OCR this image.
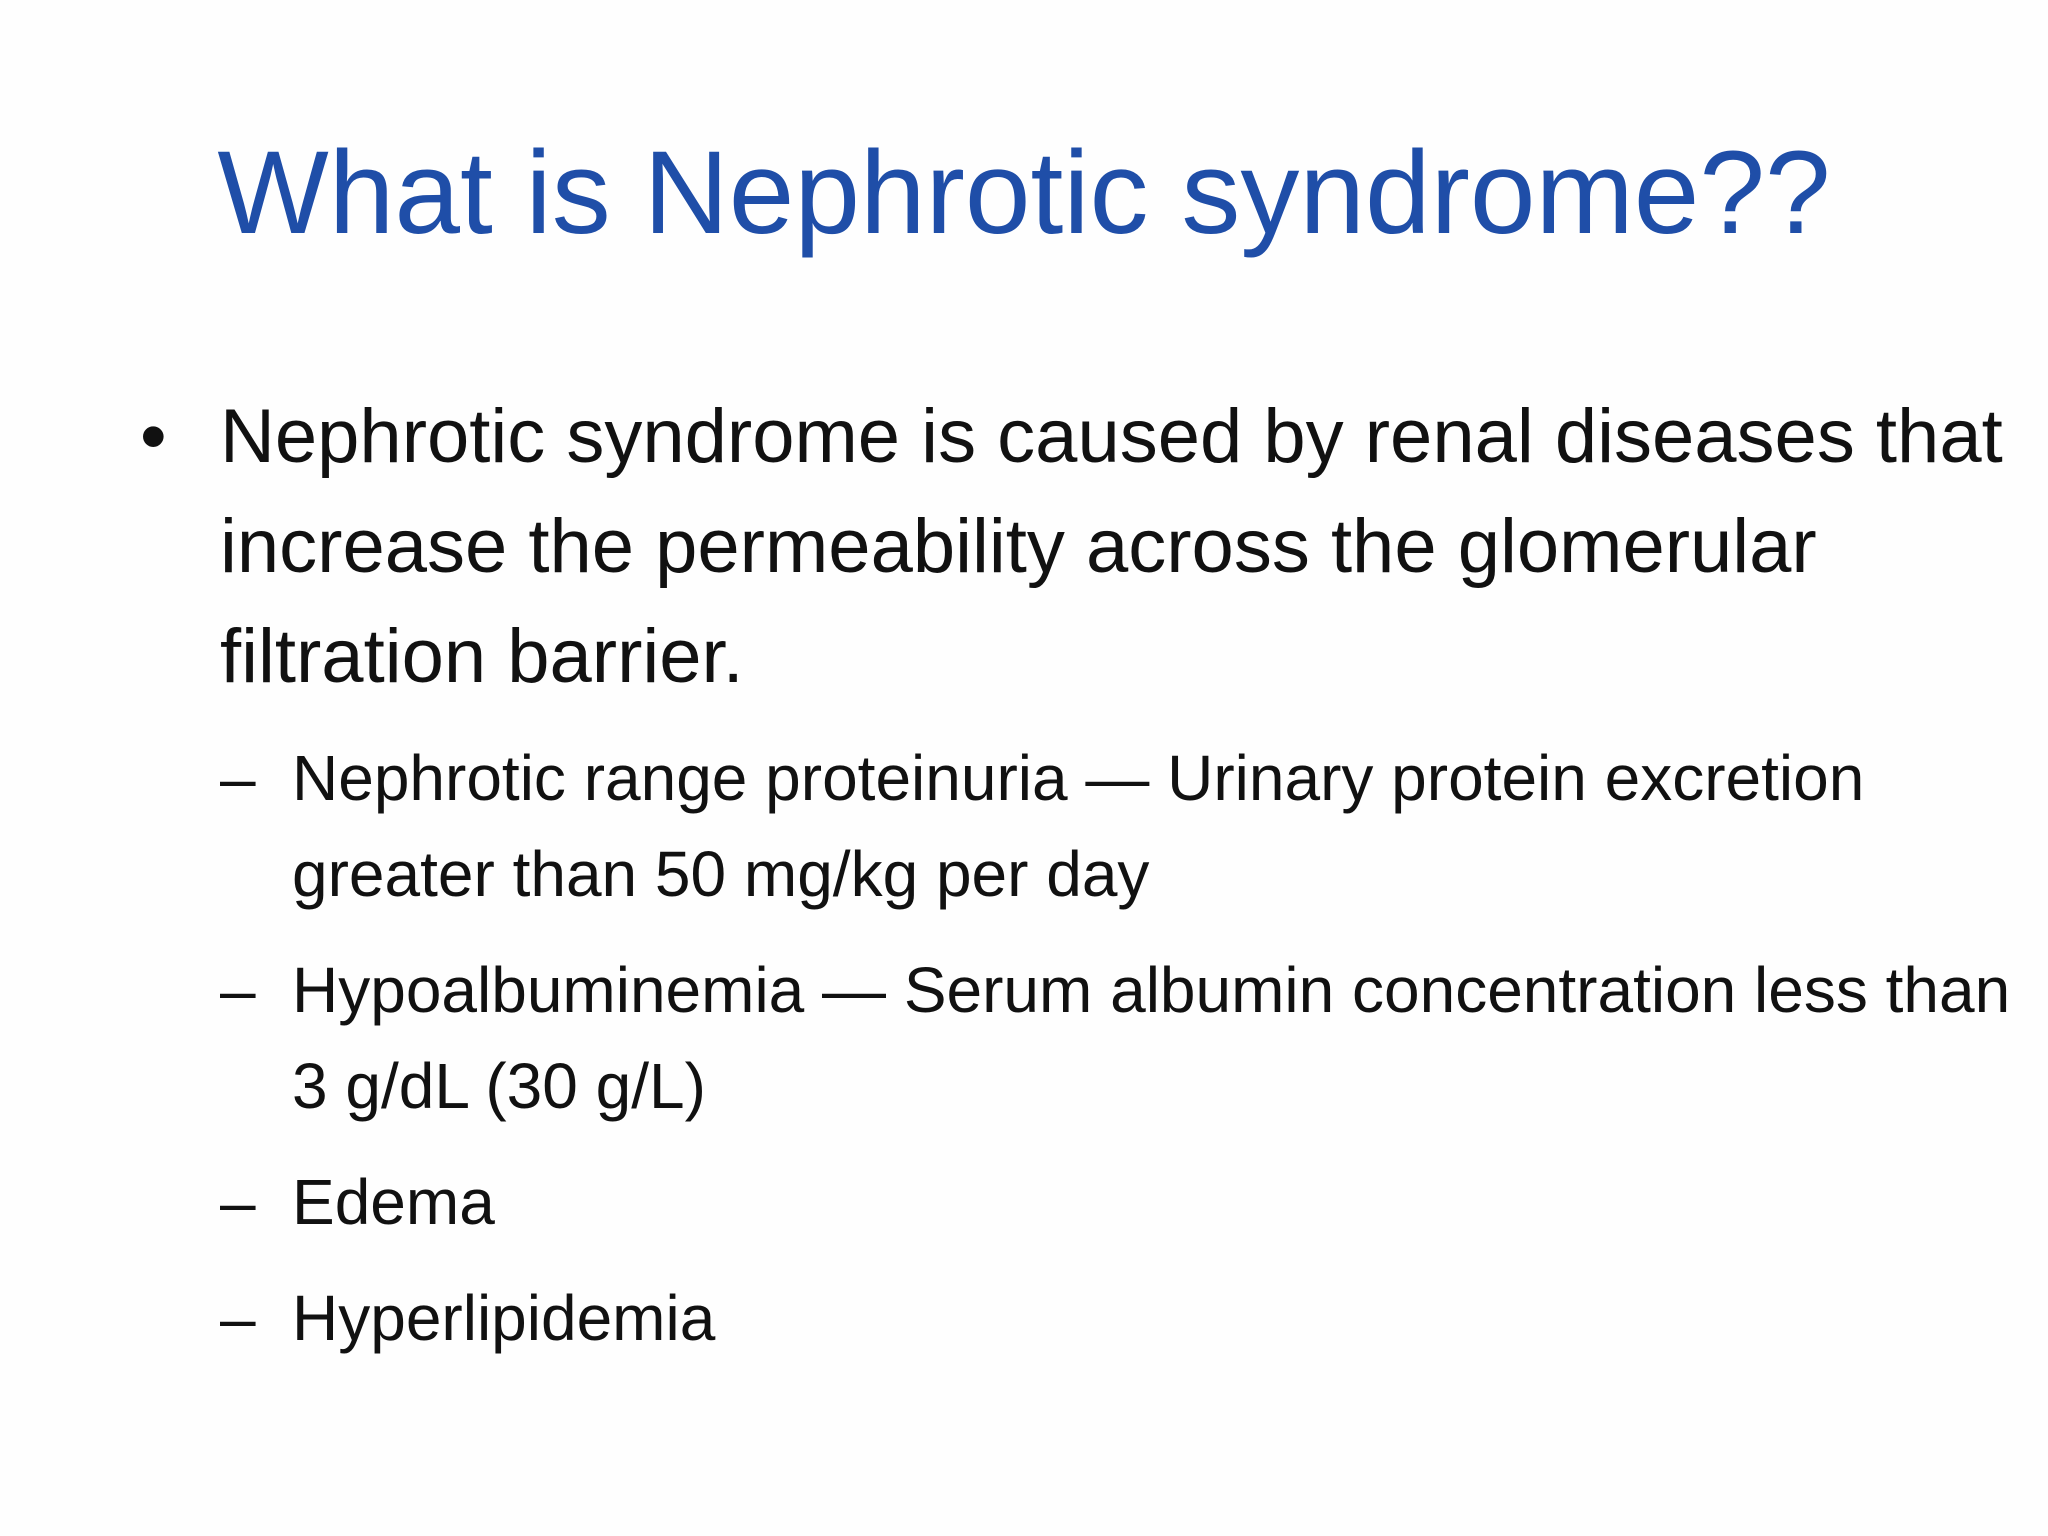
What is Nephrotic syndrome??
• Nephrotic syndrome is caused by renal diseases that increase the permeability across the glomerular filtration barrier.
– Nephrotic range proteinuria — Urinary protein excretion greater than 50 mg/kg per day
– Hypoalbuminemia — Serum albumin concentration less than 3 g/dL (30 g/L)
– Edema
– Hyperlipidemia
